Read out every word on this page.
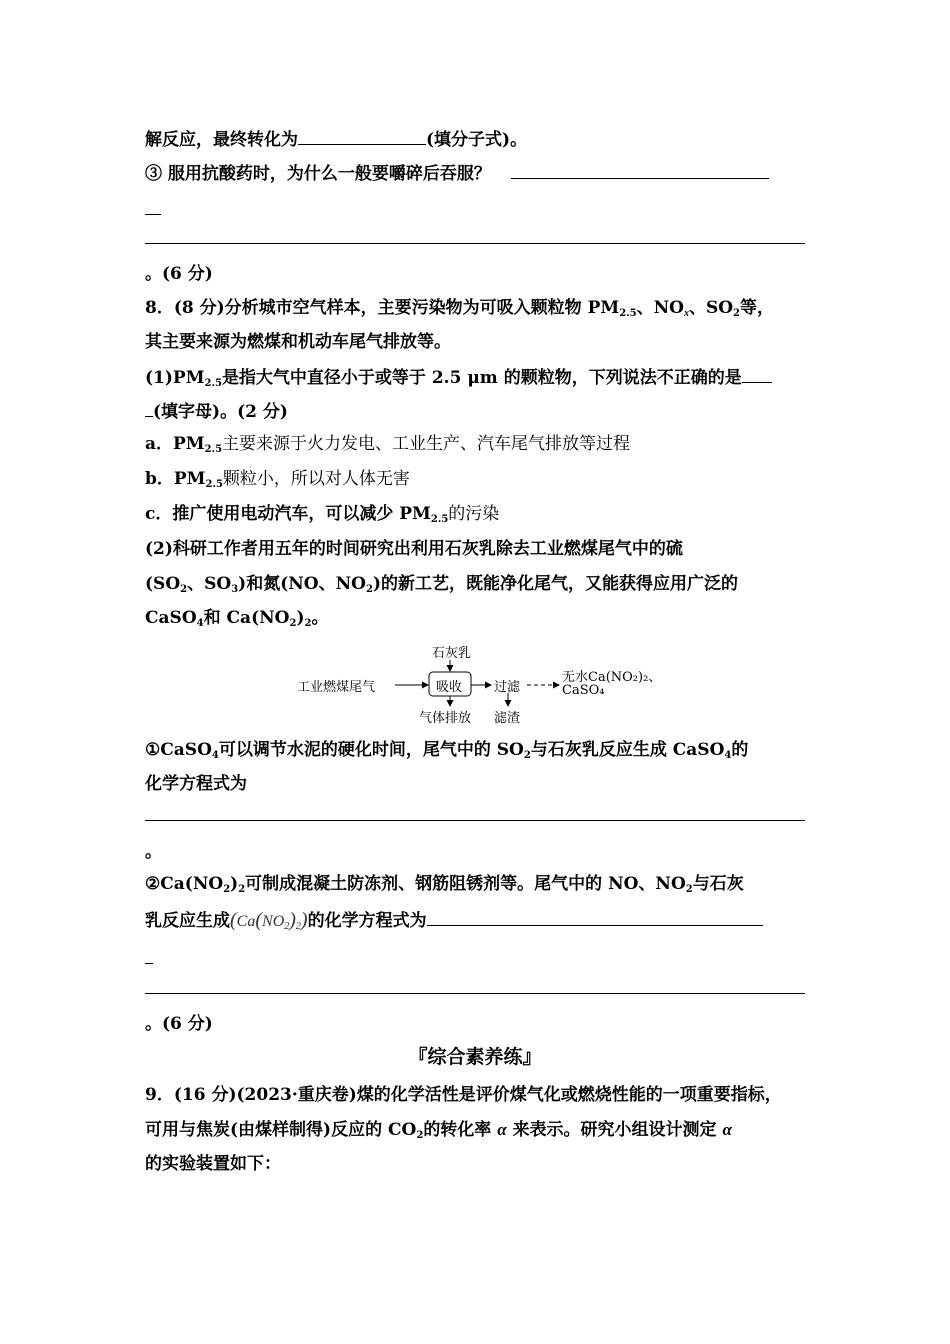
解反应，最终转化为	(填分子式)。
③ 服用抗酸药时，为什么一般要嚼碎后吞服？
。(6 分)
8．(8 分)分析城市空气样本，主要污染物为可吸入颗粒物 $PM_{2.5}$、$NO_x$、$SO_2$等，
其主要来源为燃煤和机动车尾气排放等。
$(1)PM_{2.5}$是指大气中直径小于或等于 2.5 μm 的颗粒物，下列说法不正确的是
(填字母)。(2 分)
a．$PM_{2.5}$主要来源于火力发电、工业生产、汽车尾气排放等过程
b．$PM_{2.5}$颗粒小，所以对人体无害
c．推广使用电动汽车，可以减少 $PM_{2.5}$的污染
(2)科研工作者用五年的时间研究出利用石灰乳除去工业燃煤尾气中的硫
($SO_2$、$SO_3$)和氮(NO、$NO_2$)的新工艺，既能净化尾气，又能获得应用广泛的
CaSO$_4$和 $Ca(NO_2)_2$。
工业燃煤尾气
石灰乳
吸收 过滤
无水Ca(NO₂)₂、
CaSO₄
气体排放 滤渣
①CaSO$_4$可以调节水泥的硬化时间，尾气中的 $SO_2$与石灰乳反应生成 CaSO$_4$的
化学方程式为
。
$②Ca(NO_2)_2$可制成混凝土防冻剂、钢筋阻锈剂等。尾气中的 NO、$NO_2$与石灰
乳反应生成$(Ca(NO_2)_2)$的化学方程式为
。(6 分)
『综合素养练』
9．(16 分)(2023·重庆卷)煤的化学活性是评价煤气化或燃烧性能的一项重要指标，
可用与焦炭(由煤样制得)反应的 $CO_2$的转化率 α 来表示。研究小组设计测定 α
的实验装置如下：
